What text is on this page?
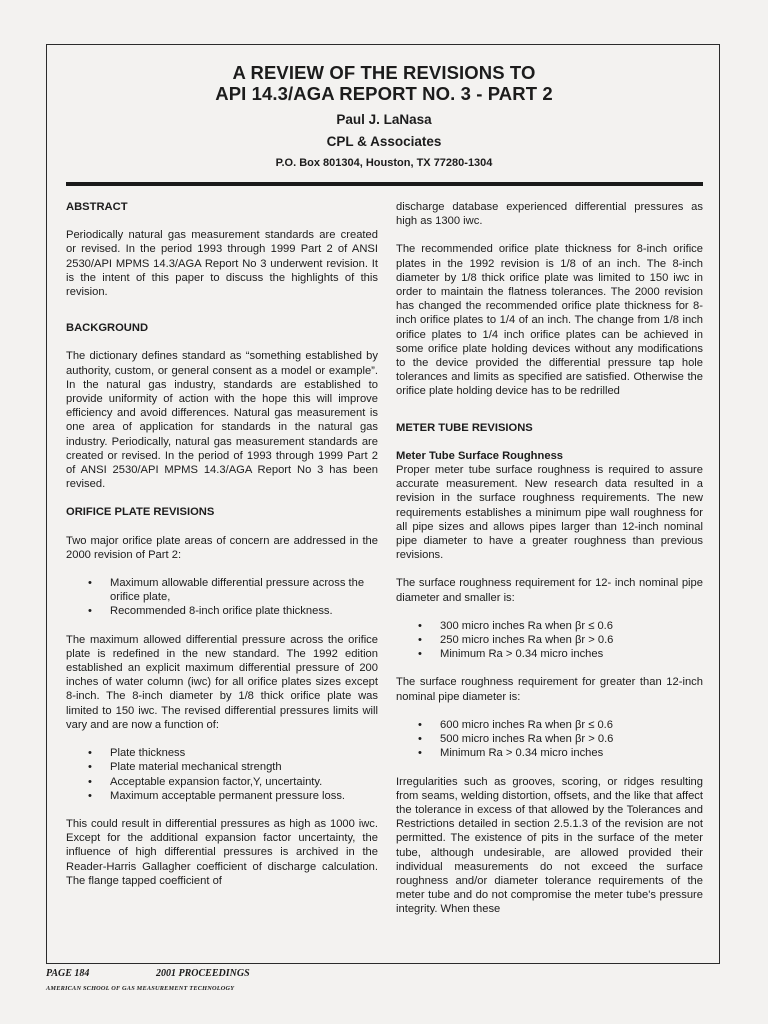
A REVIEW OF THE REVISIONS TO
API 14.3/AGA REPORT NO. 3 - PART 2
Paul J. LaNasa
CPL & Associates
P.O. Box 801304, Houston, TX 77280-1304
ABSTRACT

Periodically natural gas measurement standards are created or revised. In the period 1993 through 1999 Part 2 of ANSI 2530/API MPMS 14.3/AGA Report No 3 underwent revision. It is the intent of this paper to discuss the highlights of this revision.

BACKGROUND

The dictionary defines standard as “something established by authority, custom, or general consent as a model or example”. In the natural gas industry, standards are established to provide uniformity of action with the hope this will improve efficiency and avoid differences. Natural gas measurement is one area of application for standards in the natural gas industry. Periodically, natural gas measurement standards are created or revised. In the period of 1993 through 1999 Part 2 of ANSI 2530/API MPMS 14.3/AGA Report No 3 has been revised.

ORIFICE PLATE REVISIONS

Two major orifice plate areas of concern are addressed in the 2000 revision of Part 2:

• Maximum allowable differential pressure across the orifice plate,
• Recommended 8-inch orifice plate thickness.

The maximum allowed differential pressure across the orifice plate is redefined in the new standard. The 1992 edition established an explicit maximum differential pressure of 200 inches of water column (iwc) for all orifice plates sizes except 8-inch. The 8-inch diameter by 1/8 thick orifice plate was limited to 150 iwc. The revised differential pressures limits will vary and are now a function of:

• Plate thickness
• Plate material mechanical strength
• Acceptable expansion factor,Y, uncertainty.
• Maximum acceptable permanent pressure loss.

This could result in differential pressures as high as 1000 iwc. Except for the additional expansion factor uncertainty, the influence of high differential pressures is archived in the Reader-Harris Gallagher coefficient of discharge calculation. The flange tapped coefficient of

discharge database experienced differential pressures as high as 1300 iwc.

The recommended orifice plate thickness for 8-inch orifice plates in the 1992 revision is 1/8 of an inch. The 8-inch diameter by 1/8 thick orifice plate was limited to 150 iwc in order to maintain the flatness tolerances. The 2000 revision has changed the recommended orifice plate thickness for 8-inch orifice plates to 1/4 of an inch. The change from 1/8 inch orifice plates to 1/4 inch orifice plates can be achieved in some orifice plate holding devices without any modifications to the device provided the differential pressure tap hole tolerances and limits as specified are satisfied. Otherwise the orifice plate holding device has to be redrilled

METER TUBE REVISIONS
Meter Tube Surface Roughness

Proper meter tube surface roughness is required to assure accurate measurement. New research data resulted in a revision in the surface roughness requirements. The new requirements establishes a minimum pipe wall roughness for all pipe sizes and allows pipes larger than 12-inch nominal pipe diameter to have a greater roughness than previous revisions.

The surface roughness requirement for 12- inch nominal pipe diameter and smaller is:

• 300 micro inches Ra when βr ≤ 0.6
• 250 micro inches Ra when βr > 0.6
• Minimum Ra > 0.34 micro inches

The surface roughness requirement for greater than 12-inch nominal pipe diameter is:

• 600 micro inches Ra when βr ≤ 0.6
• 500 micro inches Ra when βr > 0.6
• Minimum Ra > 0.34 micro inches

Irregularities such as grooves, scoring, or ridges resulting from seams, welding distortion, offsets, and the like that affect the tolerance in excess of that allowed by the Tolerances and Restrictions detailed in section 2.5.1.3 of the revision are not permitted. The existence of pits in the surface of the meter tube, although undesirable, are allowed provided their individual measurements do not exceed the surface roughness and/or diameter tolerance requirements of the meter tube and do not compromise the meter tube's pressure integrity. When these

PAGE 184	2001 PROCEEDINGS
AMERICAN SCHOOL OF GAS MEASUREMENT TECHNOLOGY
